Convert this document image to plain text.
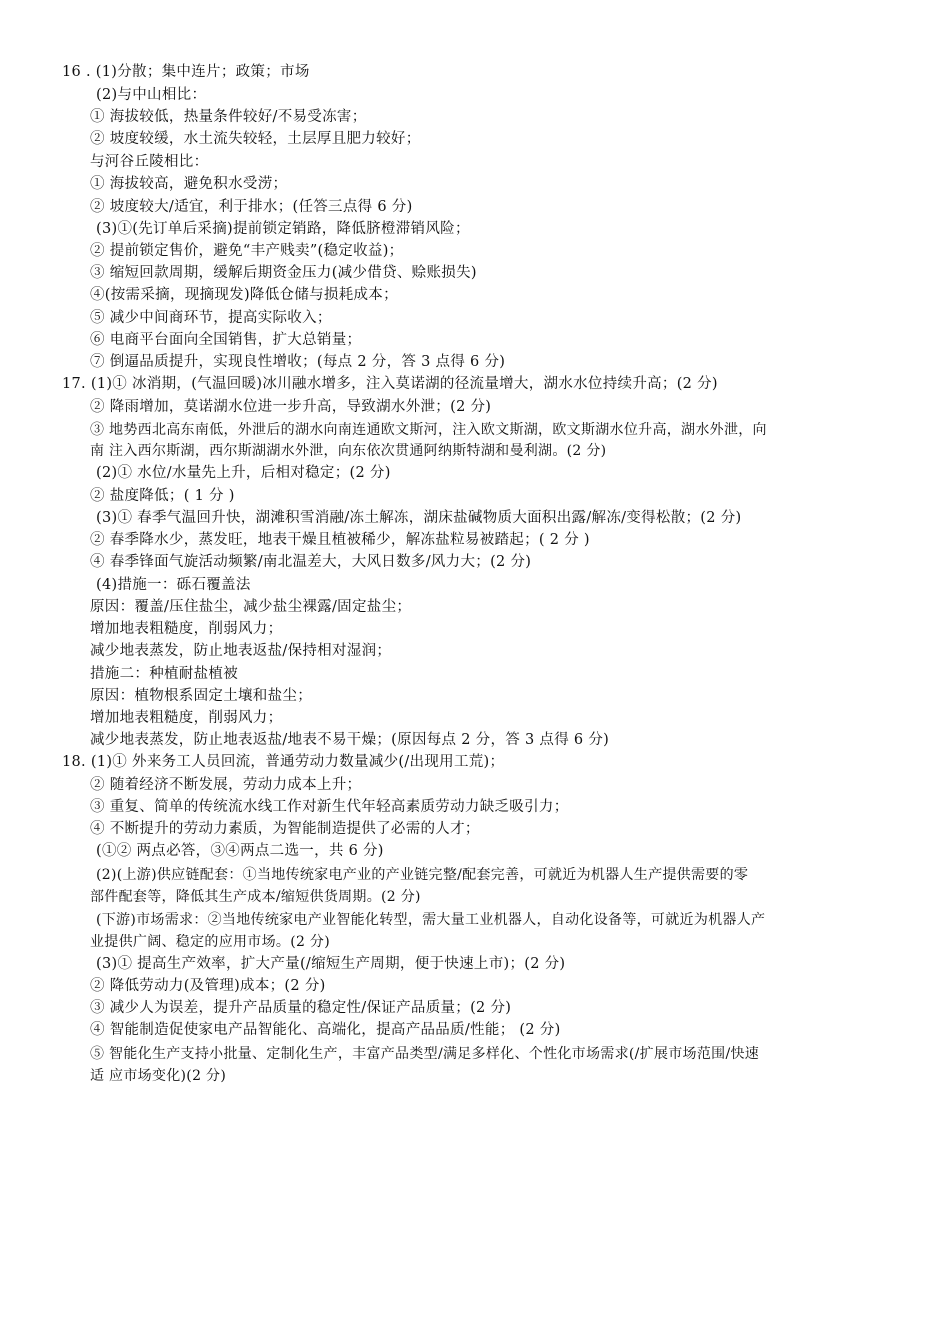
16 . (1)分散；集中连片；政策；市场
(2)与中山相比：
① 海拔较低，热量条件较好/不易受冻害；
② 坡度较缓，水土流失较轻，土层厚且肥力较好；
与河谷丘陵相比：
① 海拔较高，避免积水受涝；
② 坡度较大/适宜，利于排水；(任答三点得 6 分)
(3)①(先订单后采摘)提前锁定销路，降低脐橙滞销风险；
② 提前锁定售价，避免“丰产贱卖”(稳定收益)；
③ 缩短回款周期，缓解后期资金压力(减少借贷、赊账损失)
④(按需采摘，现摘现发)降低仓储与损耗成本；
⑤ 减少中间商环节，提高实际收入；
⑥ 电商平台面向全国销售，扩大总销量；
⑦ 倒逼品质提升，实现良性增收；(每点 2 分，答 3 点得 6 分)
17. (1)① 冰消期，(气温回暖)冰川融水增多，注入莫诺湖的径流量增大，湖水水位持续升高；(2 分)
② 降雨增加，莫诺湖水位进一步升高，导致湖水外泄；(2 分)
③ 地势西北高东南低，外泄后的湖水向南连通欧文斯河，注入欧文斯湖，欧文斯湖水位升高，湖水外泄，向
南 注入西尔斯湖，西尔斯湖湖水外泄，向东依次贯通阿纳斯特湖和曼利湖。(2 分)
(2)① 水位/水量先上升，后相对稳定；(2 分)
② 盐度降低；( 1 分 )
(3)① 春季气温回升快，湖滩积雪消融/冻土解冻，湖床盐碱物质大面积出露/解冻/变得松散；(2 分)
② 春季降水少，蒸发旺，地表干燥且植被稀少，解冻盐粒易被踏起；( 2 分 )
④ 春季锋面气旋活动频繁/南北温差大，大风日数多/风力大；(2 分)
(4)措施一：砾石覆盖法
原因：覆盖/压住盐尘，减少盐尘裸露/固定盐尘；
增加地表粗糙度，削弱风力；
减少地表蒸发，防止地表返盐/保持相对湿润；
措施二：种植耐盐植被
原因：植物根系固定土壤和盐尘；
增加地表粗糙度，削弱风力；
减少地表蒸发，防止地表返盐/地表不易干燥；(原因每点 2 分，答 3 点得 6 分)
18. (1)① 外来务工人员回流，普通劳动力数量减少(/出现用工荒)；
② 随着经济不断发展，劳动力成本上升；
③ 重复、简单的传统流水线工作对新生代年轻高素质劳动力缺乏吸引力；
④ 不断提升的劳动力素质，为智能制造提供了必需的人才；
(①② 两点必答，③④两点二选一，共 6 分)
(2)(上游)供应链配套：①当地传统家电产业的产业链完整/配套完善，可就近为机器人生产提供需要的零
部件配套等，降低其生产成本/缩短供货周期。(2 分)
(下游)市场需求：②当地传统家电产业智能化转型，需大量工业机器人，自动化设备等，可就近为机器人产
业提供广阔、稳定的应用市场。(2 分)
(3)① 提高生产效率，扩大产量(/缩短生产周期，便于快速上市)；(2 分)
② 降低劳动力(及管理)成本；(2 分)
③ 减少人为误差，提升产品质量的稳定性/保证产品质量；(2 分)
④ 智能制造促使家电产品智能化、高端化，提高产品品质/性能； (2 分)
⑤ 智能化生产支持小批量、定制化生产，丰富产品类型/满足多样化、个性化市场需求(/扩展市场范围/快速
适 应市场变化)(2 分)
